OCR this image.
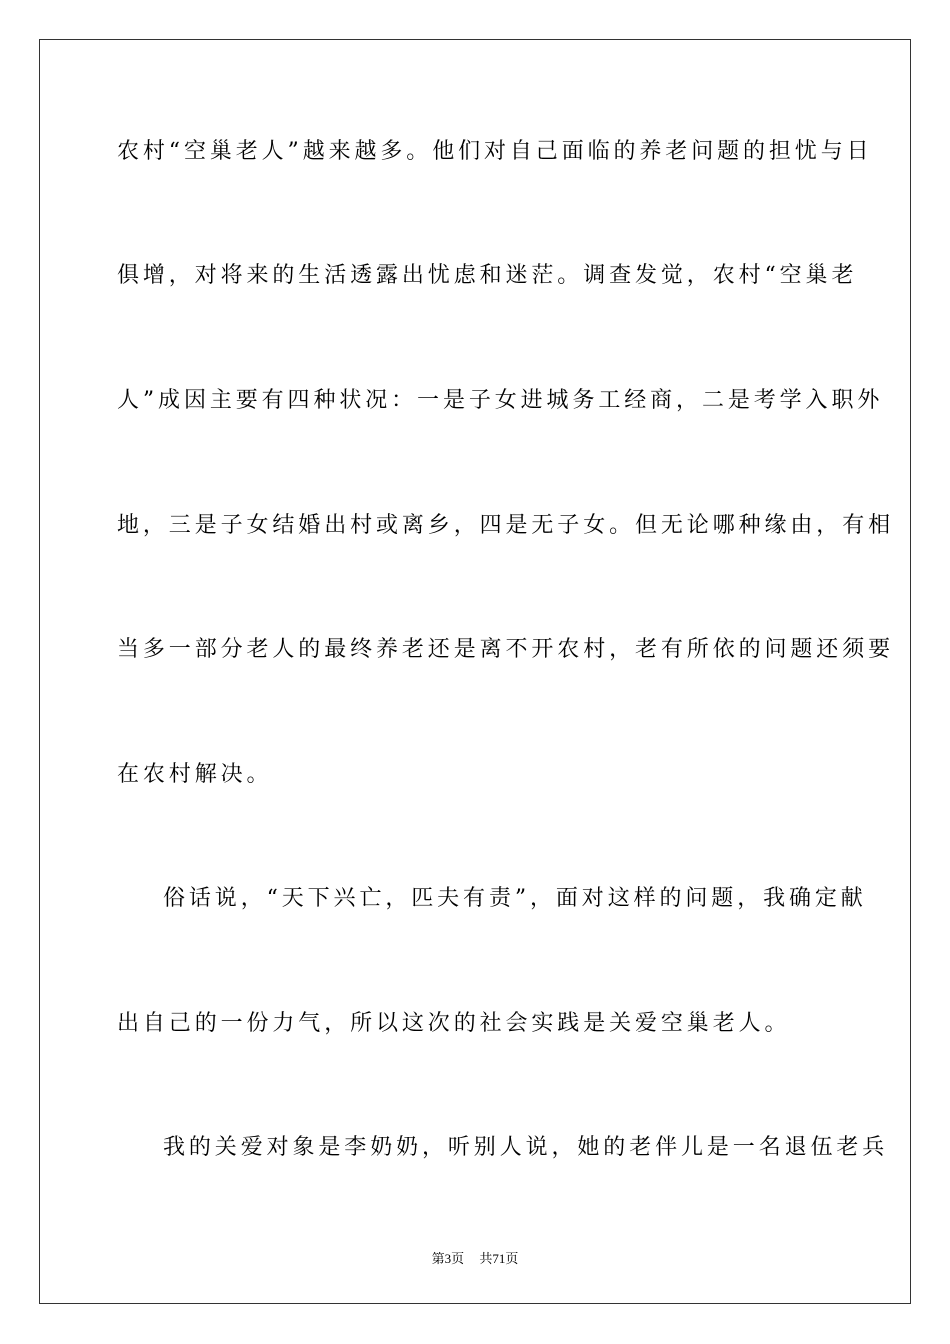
农村“空巢老人”越来越多。他们对自己面临的养老问题的担忧与日
俱增，对将来的生活透露出忧虑和迷茫。调查发觉，农村“空巢老
人”成因主要有四种状况：一是子女进城务工经商，二是考学入职外
地，三是子女结婚出村或离乡，四是无子女。但无论哪种缘由，有相
当多一部分老人的最终养老还是离不开农村，老有所依的问题还须要
在农村解决。
俗话说，“天下兴亡，匹夫有责”，面对这样的问题，我确定献
出自己的一份力气，所以这次的社会实践是关爱空巢老人。
我的关爱对象是李奶奶，听别人说，她的老伴儿是一名退伍老兵
第3页 共71页
